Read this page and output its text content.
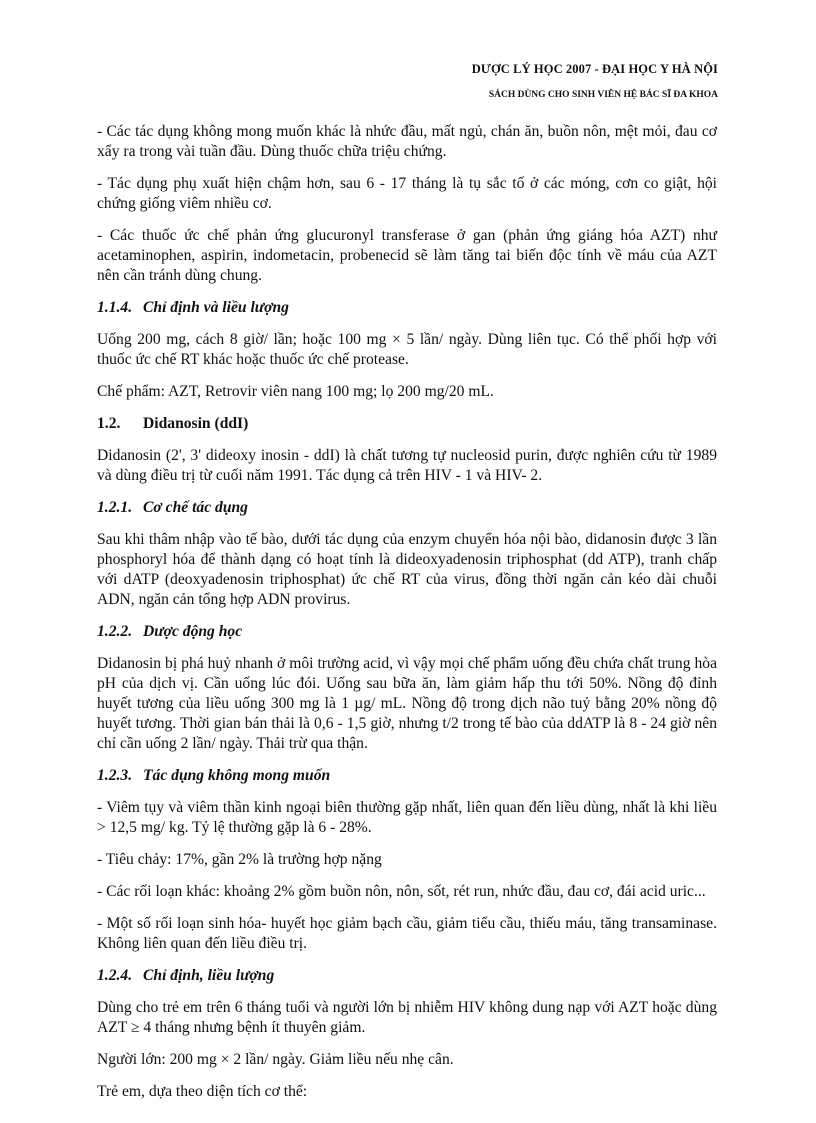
DƯỢC LÝ HỌC 2007 - ĐẠI HỌC Y HÀ NỘI
SÁCH DÙNG CHO SINH VIÊN HỆ BÁC SĨ ĐA KHOA
- Các tác dụng không mong muốn khác là nhức đầu, mất ngủ, chán ăn, buồn nôn, mệt mỏi, đau cơ xẩy ra trong vài tuần đầu. Dùng thuốc chữa triệu chứng.
- Tác dụng phụ xuất hiện chậm hơn, sau 6 - 17 tháng là tụ sắc tố ở các móng, cơn co giật, hội chứng giống viêm nhiều cơ.
- Các thuốc ức chế phản ứng glucuronyl transferase ở gan (phản ứng giáng hóa AZT) như acetaminophen, aspirin, indometacin, probenecid sẽ làm tăng tai biến độc tính về máu của AZT nên cần tránh dùng chung.
1.1.4. Chỉ định và liều lượng
Uống 200 mg, cách 8 giờ/ lần; hoặc 100 mg × 5 lần/ ngày. Dùng liên tục. Có thể phối hợp với thuốc ức chế RT khác hoặc thuốc ức chế protease.
Chế phẩm: AZT, Retrovir viên nang 100 mg; lọ 200 mg/20 mL.
1.2. Didanosin (ddI)
Didanosin (2', 3' dideoxy inosin - ddI) là chất tương tự nucleosid purin, được nghiên cứu từ 1989 và dùng điều trị từ cuối năm 1991. Tác dụng cả trên HIV - 1 và HIV- 2.
1.2.1. Cơ chế tác dụng
Sau khi thâm nhập vào tế bào, dưới tác dụng của enzym chuyển hóa nội bào, didanosin được 3 lần phosphoryl hóa để thành dạng có hoạt tính là dideoxyadenosin triphosphat (dd ATP), tranh chấp với dATP (deoxyadenosin triphosphat) ức chế RT của virus, đồng thời ngăn cản kéo dài chuỗi ADN, ngăn cản tổng hợp ADN provirus.
1.2.2. Dược động học
Didanosin bị phá huỷ nhanh ở môi trường acid, vì vậy mọi chế phẩm uống đều chứa chất trung hòa pH của dịch vị. Cần uống lúc đói. Uống sau bữa ăn, làm giảm hấp thu tới 50%. Nồng độ đỉnh huyết tương của liều uống 300 mg là 1 µg/ mL. Nồng độ trong dịch não tuỷ bằng 20% nồng độ huyết tương. Thời gian bán thải là 0,6 - 1,5 giờ, nhưng t/2 trong tế bào của ddATP là 8 - 24 giờ nên chỉ cần uống 2 lần/ ngày. Thải trừ qua thận.
1.2.3. Tác dụng không mong muốn
- Viêm tụy và viêm thần kinh ngoại biên thường gặp nhất, liên quan đến liều dùng, nhất là khi liều > 12,5 mg/ kg. Tỷ lệ thường gặp là 6 - 28%.
- Tiêu chảy: 17%, gần 2% là trường hợp nặng
- Các rối loạn khác: khoảng 2% gồm buồn nôn, nôn, sốt, rét run, nhức đầu, đau cơ, đái acid uric...
- Một số rối loạn sinh hóa- huyết học giảm bạch cầu, giảm tiểu cầu, thiếu máu, tăng transaminase. Không liên quan đến liều điều trị.
1.2.4. Chỉ định, liều lượng
Dùng cho trẻ em trên 6 tháng tuổi và người lớn bị nhiễm HIV không dung nạp với AZT hoặc dùng AZT ≥ 4 tháng nhưng bệnh ít thuyên giảm.
Người lớn: 200 mg × 2 lần/ ngày. Giảm liều nếu nhẹ cân.
Trẻ em, dựa theo diện tích cơ thể:
